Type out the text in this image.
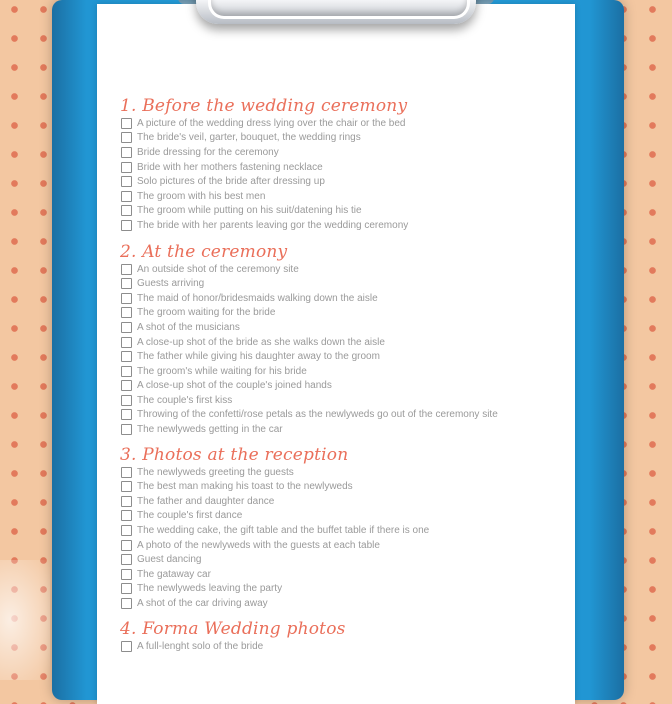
1. Before the wedding ceremony
A picture of the wedding dress lying over the chair or the bed
The bride's veil, garter, bouquet, the wedding rings
Bride dressing for the ceremony
Bride with her mothers fastening necklace
Solo pictures of the bride after dressing up
The groom with his best men
The groom while putting on his suit/datening his tie
The bride with her parents leaving gor the wedding ceremony
2. At the ceremony
An outside shot of the ceremony site
Guests arriving
The maid of honor/bridesmaids walking down the aisle
The groom waiting for the bride
A shot of the musicians
A close-up shot of the bride as she walks down the aisle
The father while giving his daughter away to the groom
The groom's while waiting for his bride
A close-up shot of the couple's joined hands
The couple's first kiss
Throwing of the confetti/rose petals as the newlyweds go out of the ceremony site
The newlyweds getting in the car
3. Photos at the reception
The newlyweds greeting the guests
The best man making his toast to the newlyweds
The father and daughter dance
The couple's first dance
The wedding cake, the gift table and the buffet table if there is one
A photo of the newlyweds with the guests at each table
Guest dancing
The gataway car
The newlyweds leaving the party
A shot of the car driving away
4. Forma Wedding photos
A full-lenght solo of the bride
